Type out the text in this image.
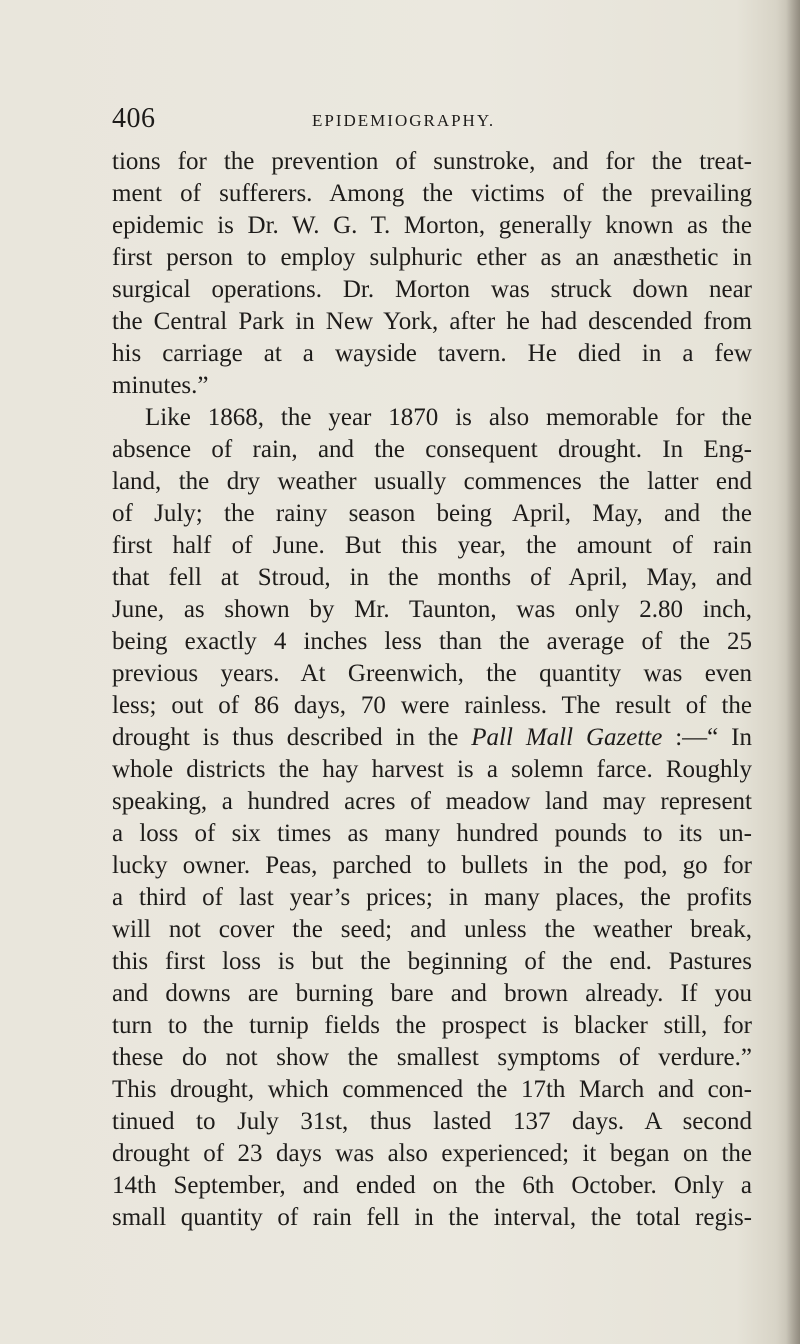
406	EPIDEMIOGRAPHY.
tions for the prevention of sunstroke, and for the treat-
ment of sufferers. Among the victims of the prevailing
epidemic is Dr. W. G. T. Morton, generally known as the
first person to employ sulphuric ether as an anæsthetic in
surgical operations. Dr. Morton was struck down near
the Central Park in New York, after he had descended from
his carriage at a wayside tavern. He died in a few
minutes.”
Like 1868, the year 1870 is also memorable for the
absence of rain, and the consequent drought. In Eng-
land, the dry weather usually commences the latter end
of July; the rainy season being April, May, and the
first half of June. But this year, the amount of rain
that fell at Stroud, in the months of April, May, and
June, as shown by Mr. Taunton, was only 2.80 inch,
being exactly 4 inches less than the average of the 25
previous years. At Greenwich, the quantity was even
less; out of 86 days, 70 were rainless. The result of the
drought is thus described in the Pall Mall Gazette :—“ In
whole districts the hay harvest is a solemn farce. Roughly
speaking, a hundred acres of meadow land may represent
a loss of six times as many hundred pounds to its un-
lucky owner. Peas, parched to bullets in the pod, go for
a third of last year’s prices; in many places, the profits
will not cover the seed; and unless the weather break,
this first loss is but the beginning of the end. Pastures
and downs are burning bare and brown already. If you
turn to the turnip fields the prospect is blacker still, for
these do not show the smallest symptoms of verdure.”
This drought, which commenced the 17th March and con-
tinued to July 31st, thus lasted 137 days. A second
drought of 23 days was also experienced; it began on the
14th September, and ended on the 6th October. Only a
small quantity of rain fell in the interval, the total regis-
